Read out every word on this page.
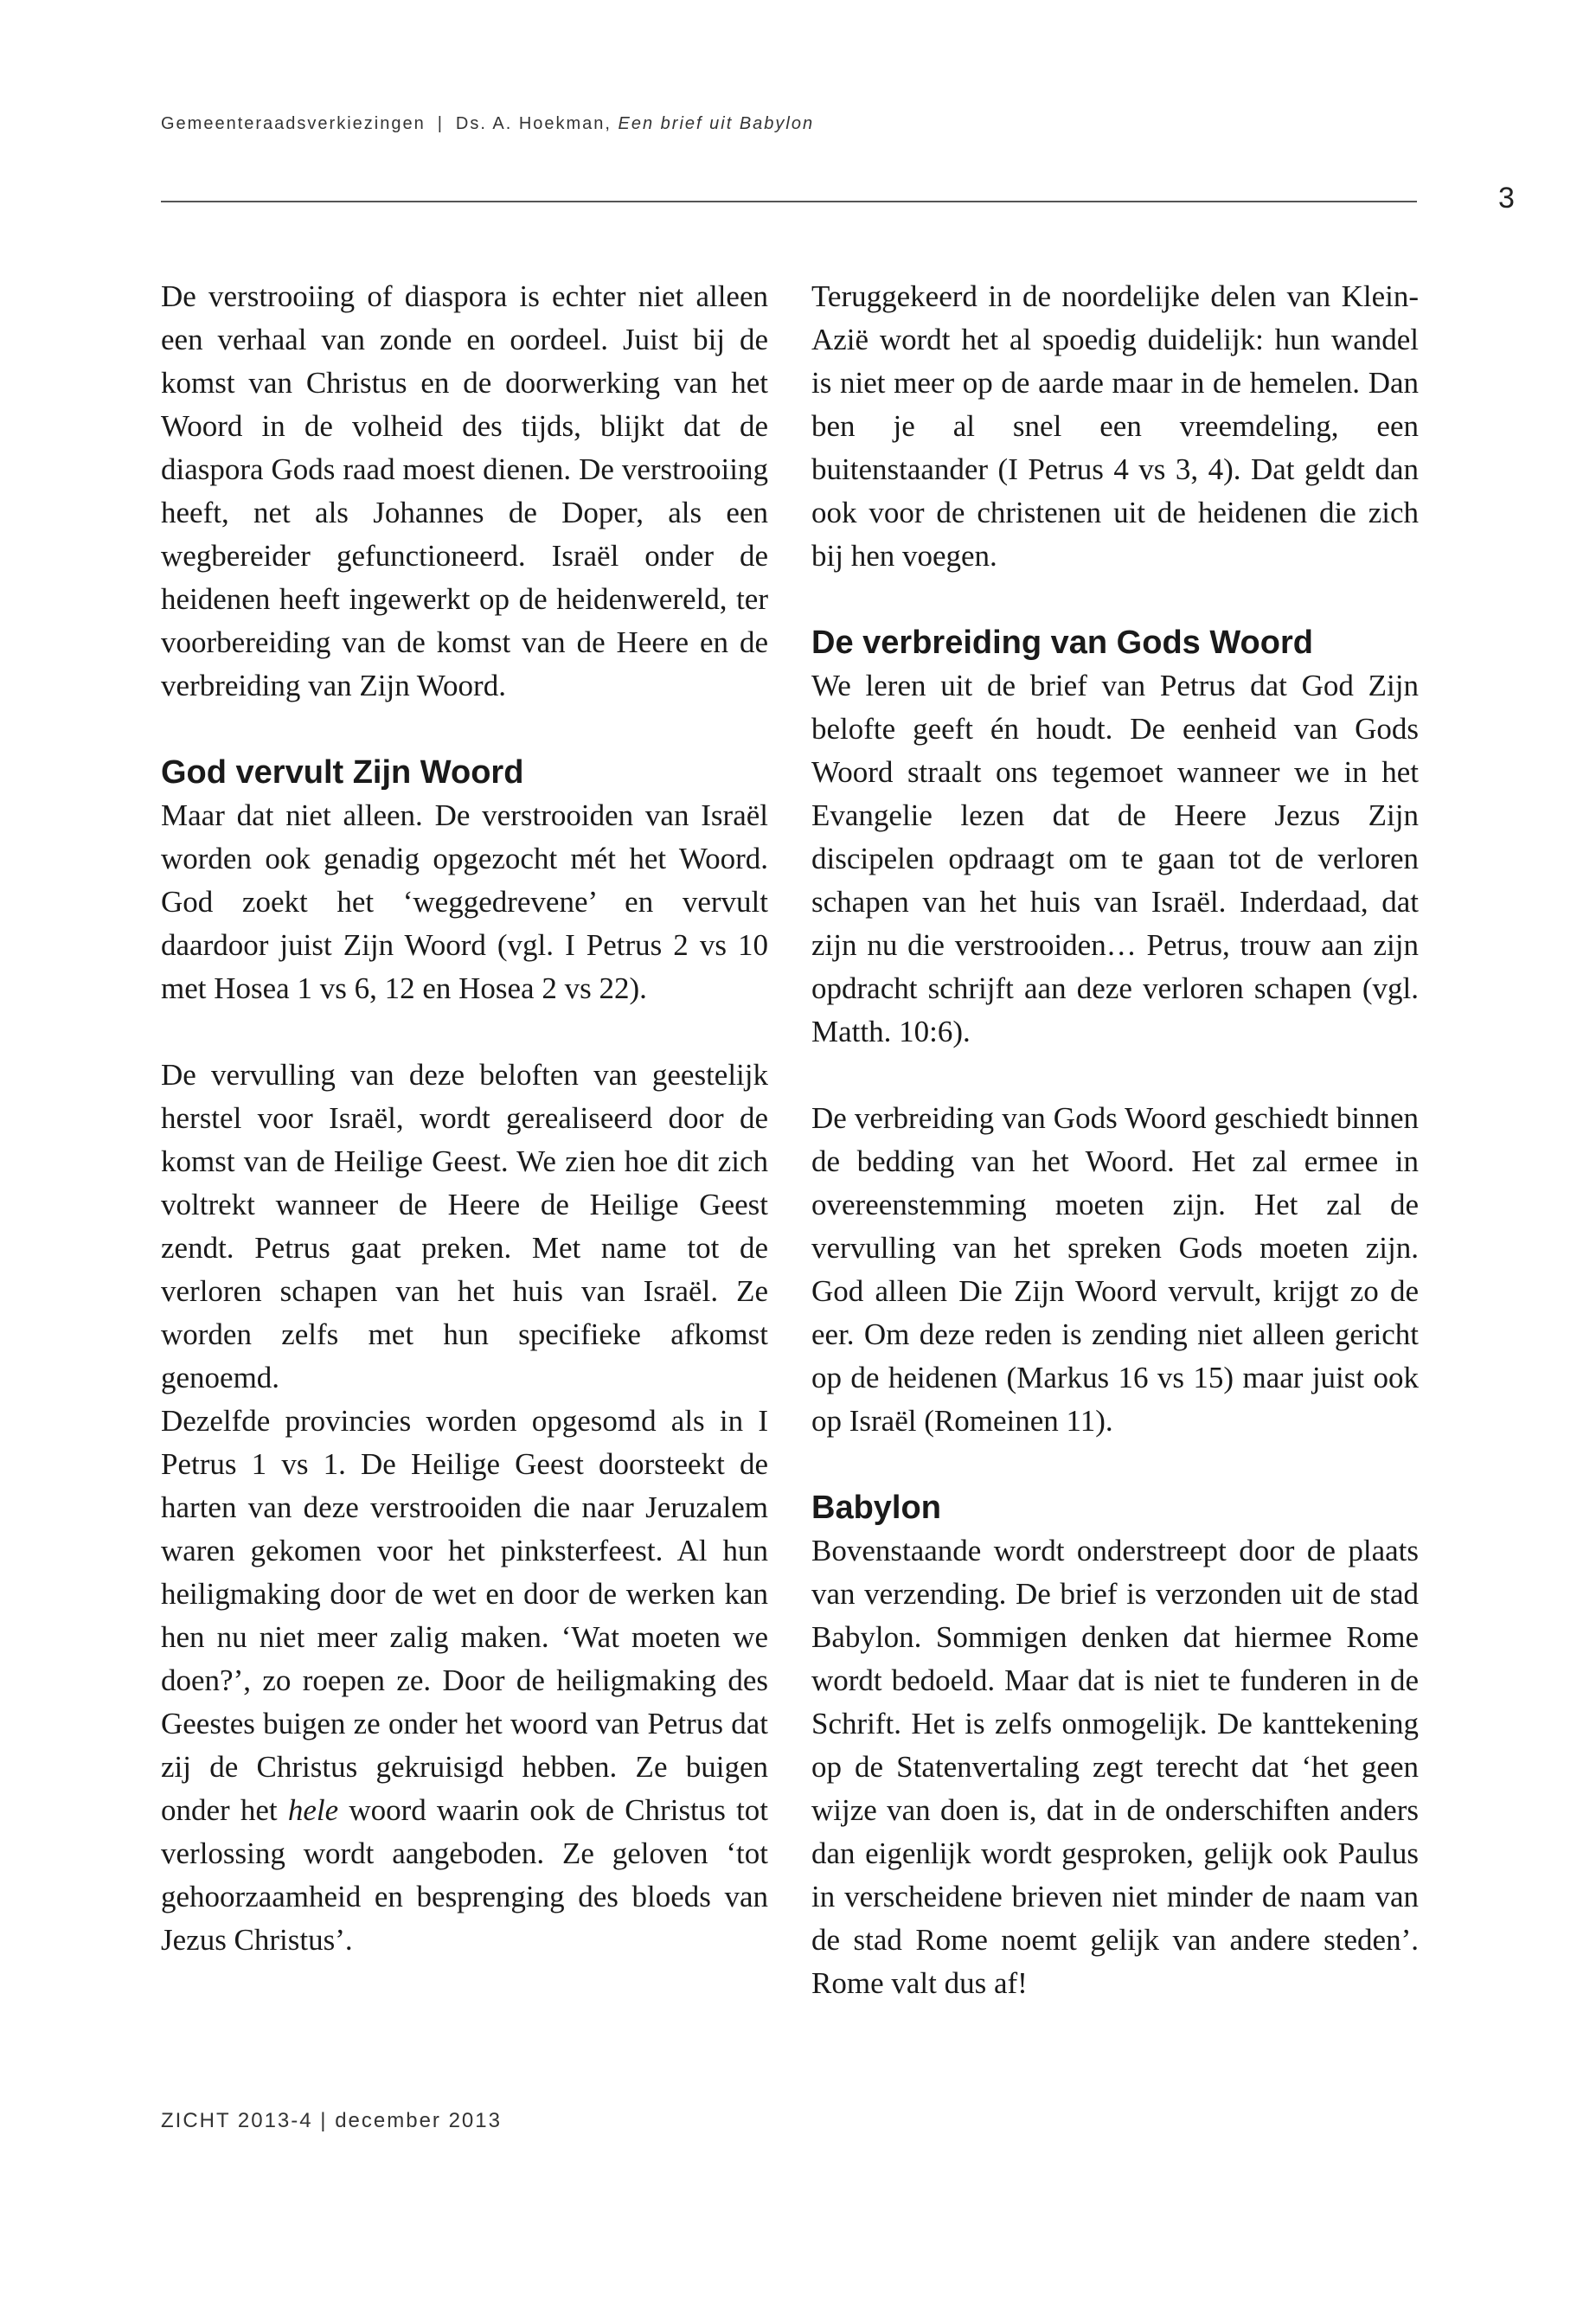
Gemeenteraadsverkiezingen | Ds. A. Hoekman, Een brief uit Babylon
3

De verstrooiing of diaspora is echter niet alleen een verhaal van zonde en oordeel. Juist bij de komst van Christus en de doorwerking van het Woord in de volheid des tijds, blijkt dat de diaspora Gods raad moest dienen. De verstrooiing heeft, net als Johannes de Doper, als een wegbereider gefunctioneerd. Israël onder de heidenen heeft ingewerkt op de heidenwereld, ter voorbereiding van de komst van de Heere en de verbreiding van Zijn Woord.

God vervult Zijn Woord

Maar dat niet alleen. De verstrooiden van Israël worden ook genadig opgezocht mét het Woord. God zoekt het ‘weggedrevene’ en vervult daardoor juist Zijn Woord (vgl. I Petrus 2 vs 10 met Hosea 1 vs 6, 12 en Hosea 2 vs 22).

De vervulling van deze beloften van geestelijk herstel voor Israël, wordt gerealiseerd door de komst van de Heilige Geest. We zien hoe dit zich voltrekt wanneer de Heere de Heilige Geest zendt. Petrus gaat preken. Met name tot de verloren schapen van het huis van Israël. Ze worden zelfs met hun specifieke afkomst genoemd.

Dezelfde provincies worden opgesomd als in I Petrus 1 vs 1. De Heilige Geest doorsteekt de harten van deze verstrooiden die naar Jeruzalem waren gekomen voor het pinksterfeest. Al hun heiligmaking door de wet en door de werken kan hen nu niet meer zalig maken. ‘Wat moeten we doen?’, zo roepen ze. Door de heiligmaking des Geestes buigen ze onder het woord van Petrus dat zij de Christus gekruisigd hebben. Ze buigen onder het hele woord waarin ook de Christus tot verlossing wordt aangeboden. Ze geloven ‘tot gehoorzaamheid en besprenging des bloeds van Jezus Christus’.

Teruggekeerd in de noordelijke delen van Klein-Azië wordt het al spoedig duidelijk: hun wandel is niet meer op de aarde maar in de hemelen. Dan ben je al snel een vreemdeling, een buitenstaander (I Petrus 4 vs 3, 4). Dat geldt dan ook voor de christenen uit de heidenen die zich bij hen voegen.

De verbreiding van Gods Woord

We leren uit de brief van Petrus dat God Zijn belofte geeft én houdt. De eenheid van Gods Woord straalt ons tegemoet wanneer we in het Evangelie lezen dat de Heere Jezus Zijn discipelen opdraagt om te gaan tot de verloren schapen van het huis van Israël. Inderdaad, dat zijn nu die verstrooiden… Petrus, trouw aan zijn opdracht schrijft aan deze verloren schapen (vgl. Matth. 10:6).

De verbreiding van Gods Woord geschiedt binnen de bedding van het Woord. Het zal ermee in overeenstemming moeten zijn. Het zal de vervulling van het spreken Gods moeten zijn. God alleen Die Zijn Woord vervult, krijgt zo de eer. Om deze reden is zending niet alleen gericht op de heidenen (Markus 16 vs 15) maar juist ook op Israël (Romeinen 11).

Babylon

Bovenstaande wordt onderstreept door de plaats van verzending. De brief is verzonden uit de stad Babylon. Sommigen denken dat hiermee Rome wordt bedoeld. Maar dat is niet te funderen in de Schrift. Het is zelfs onmogelijk. De kanttekening op de Statenvertaling zegt terecht dat ‘het geen wijze van doen is, dat in de onderschiften anders dan eigenlijk wordt gesproken, gelijk ook Paulus in verscheidene brieven niet minder de naam van de stad Rome noemt gelijk van andere steden’. Rome valt dus af!

ZICHT 2013-4 | december 2013
